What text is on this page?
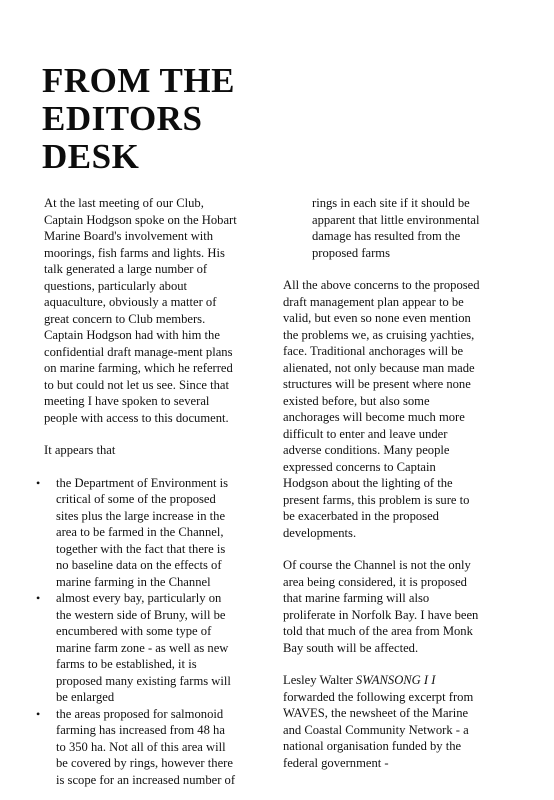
FROM THE
EDITORS
DESK

At the last meeting of our Club,
Captain Hodgson spoke on the Hobart
Marine Board's involvement with
moorings, fish farms and lights. His
talk generated a large number of
questions, particularly about
aquaculture, obviously a matter of
great concern to Club members.
Captain Hodgson had with him the
confidential draft manage-ment plans
on marine farming, which he referred
to but could not let us see. Since that
meeting I have spoken to several
people with access to this document.

It appears that

• the Department of Environment is
critical of some of the proposed
sites plus the large increase in the
area to be farmed in the Channel,
together with the fact that there is
no baseline data on the effects of
marine farming in the Channel
• almost every bay, particularly on
the western side of Bruny, will be
encumbered with some type of
marine farm zone - as well as new
farms to be established, it is
proposed many existing farms will
be enlarged
• the areas proposed for salmonoid
farming has increased from 48 ha
to 350 ha. Not all of this area will
be covered by rings, however there
is scope for an increased number of

rings in each site if it should be
apparent that little environmental
damage has resulted from the
proposed farms

All the above concerns to the proposed
draft management plan appear to be
valid, but even so none even mention
the problems we, as cruising yachties,
face. Traditional anchorages will be
alienated, not only because man made
structures will be present where none
existed before, but also some
anchorages will become much more
difficult to enter and leave under
adverse conditions. Many people
expressed concerns to Captain
Hodgson about the lighting of the
present farms, this problem is sure to
be exacerbated in the proposed
developments.

Of course the Channel is not the only
area being considered, it is proposed
that marine farming will also
proliferate in Norfolk Bay. I have been
told that much of the area from Monk
Bay south will be affected.

Lesley Walter SWANSONG I I
forwarded the following excerpt from
WAVES, the newsheet of the Marine
and Coastal Community Network - a
national organisation funded by the
federal government -
